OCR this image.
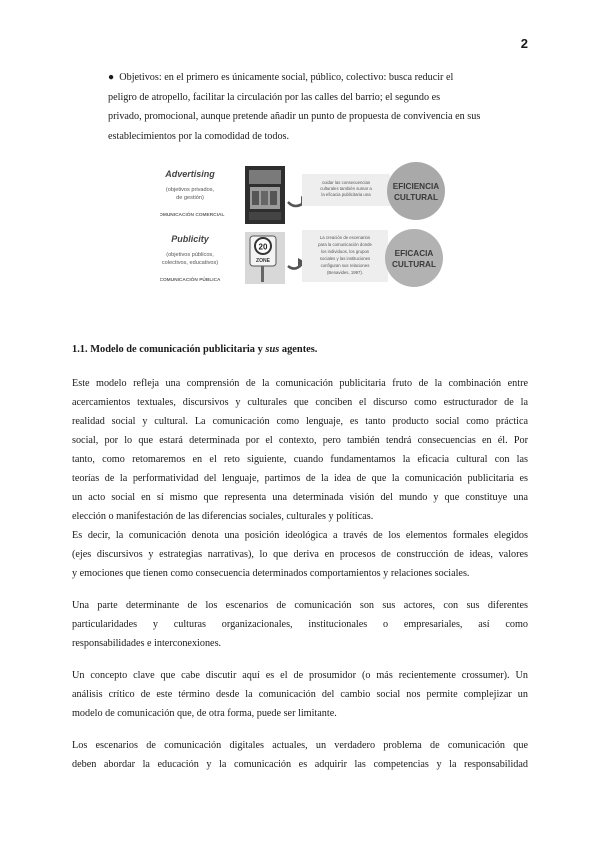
2
● Objetivos: en el primero es únicamente social, público, colectivo: busca reducir el
peligro de atropello, facilitar la circulación por las calles del barrio; el segundo es
privado, promocional, aunque pretende añadir un punto de propuesta de convivencia en sus
establecimientos por la comodidad de todos.
Advertising
(objetivos privados,
de gestión)
COMUNICACIÓN COMERCIAL
cuidar las consecuencias
culturales también sumar a
la eficacia publicitaria una
EFICIENCIA
CULTURAL
Publicity
(objetivos públicos,
colectivos, educativos)
COMUNICACIÓN PÚBLICA
20
ZONE
La creación de escenarios
para la comunicación donde
los individuos, los grupos
sociales y las instituciones
configuran sus relaciones
(Benavides, 1997).
EFICACIA
CULTURAL
1.1. Modelo de comunicación publicitaria y sus agentes.
Este modelo refleja una comprensión de la comunicación publicitaria fruto de la combinación entre
acercamientos textuales, discursivos y culturales que conciben el discurso como estructurador de la
realidad social y cultural. La comunicación como lenguaje, es tanto producto social como práctica
social, por lo que estará determinada por el contexto, pero también tendrá consecuencias en él. Por
tanto, como retomaremos en el reto siguiente, cuando fundamentamos la eficacia cultural con las
teorías de la performatividad del lenguaje, partimos de la idea de que la comunicación publicitaria es
un acto social en sí mismo que representa una determinada visión del mundo y que constituye una
elección o manifestación de las diferencias sociales, culturales y políticas.
Es decir, la comunicación denota una posición ideológica a través de los elementos formales elegidos
(ejes discursivos y estrategias narrativas), lo que deriva en procesos de construcción de ideas, valores
y emociones que tienen como consecuencia determinados comportamientos y relaciones sociales.
Una parte determinante de los escenarios de comunicación son sus actores, con sus diferentes
particularidades y culturas organizacionales, institucionales o empresariales, así como
responsabilidades e interconexiones.
Un concepto clave que cabe discutir aquí es el de prosumidor (o más recientemente crossumer). Un
análisis crítico de este término desde la comunicación del cambio social nos permite complejizar un
modelo de comunicación que, de otra forma, puede ser limitante.
Los escenarios de comunicación digitales actuales, un verdadero problema de comunicación que
deben abordar la educación y la comunicación es adquirir las competencias y la responsabilidad
